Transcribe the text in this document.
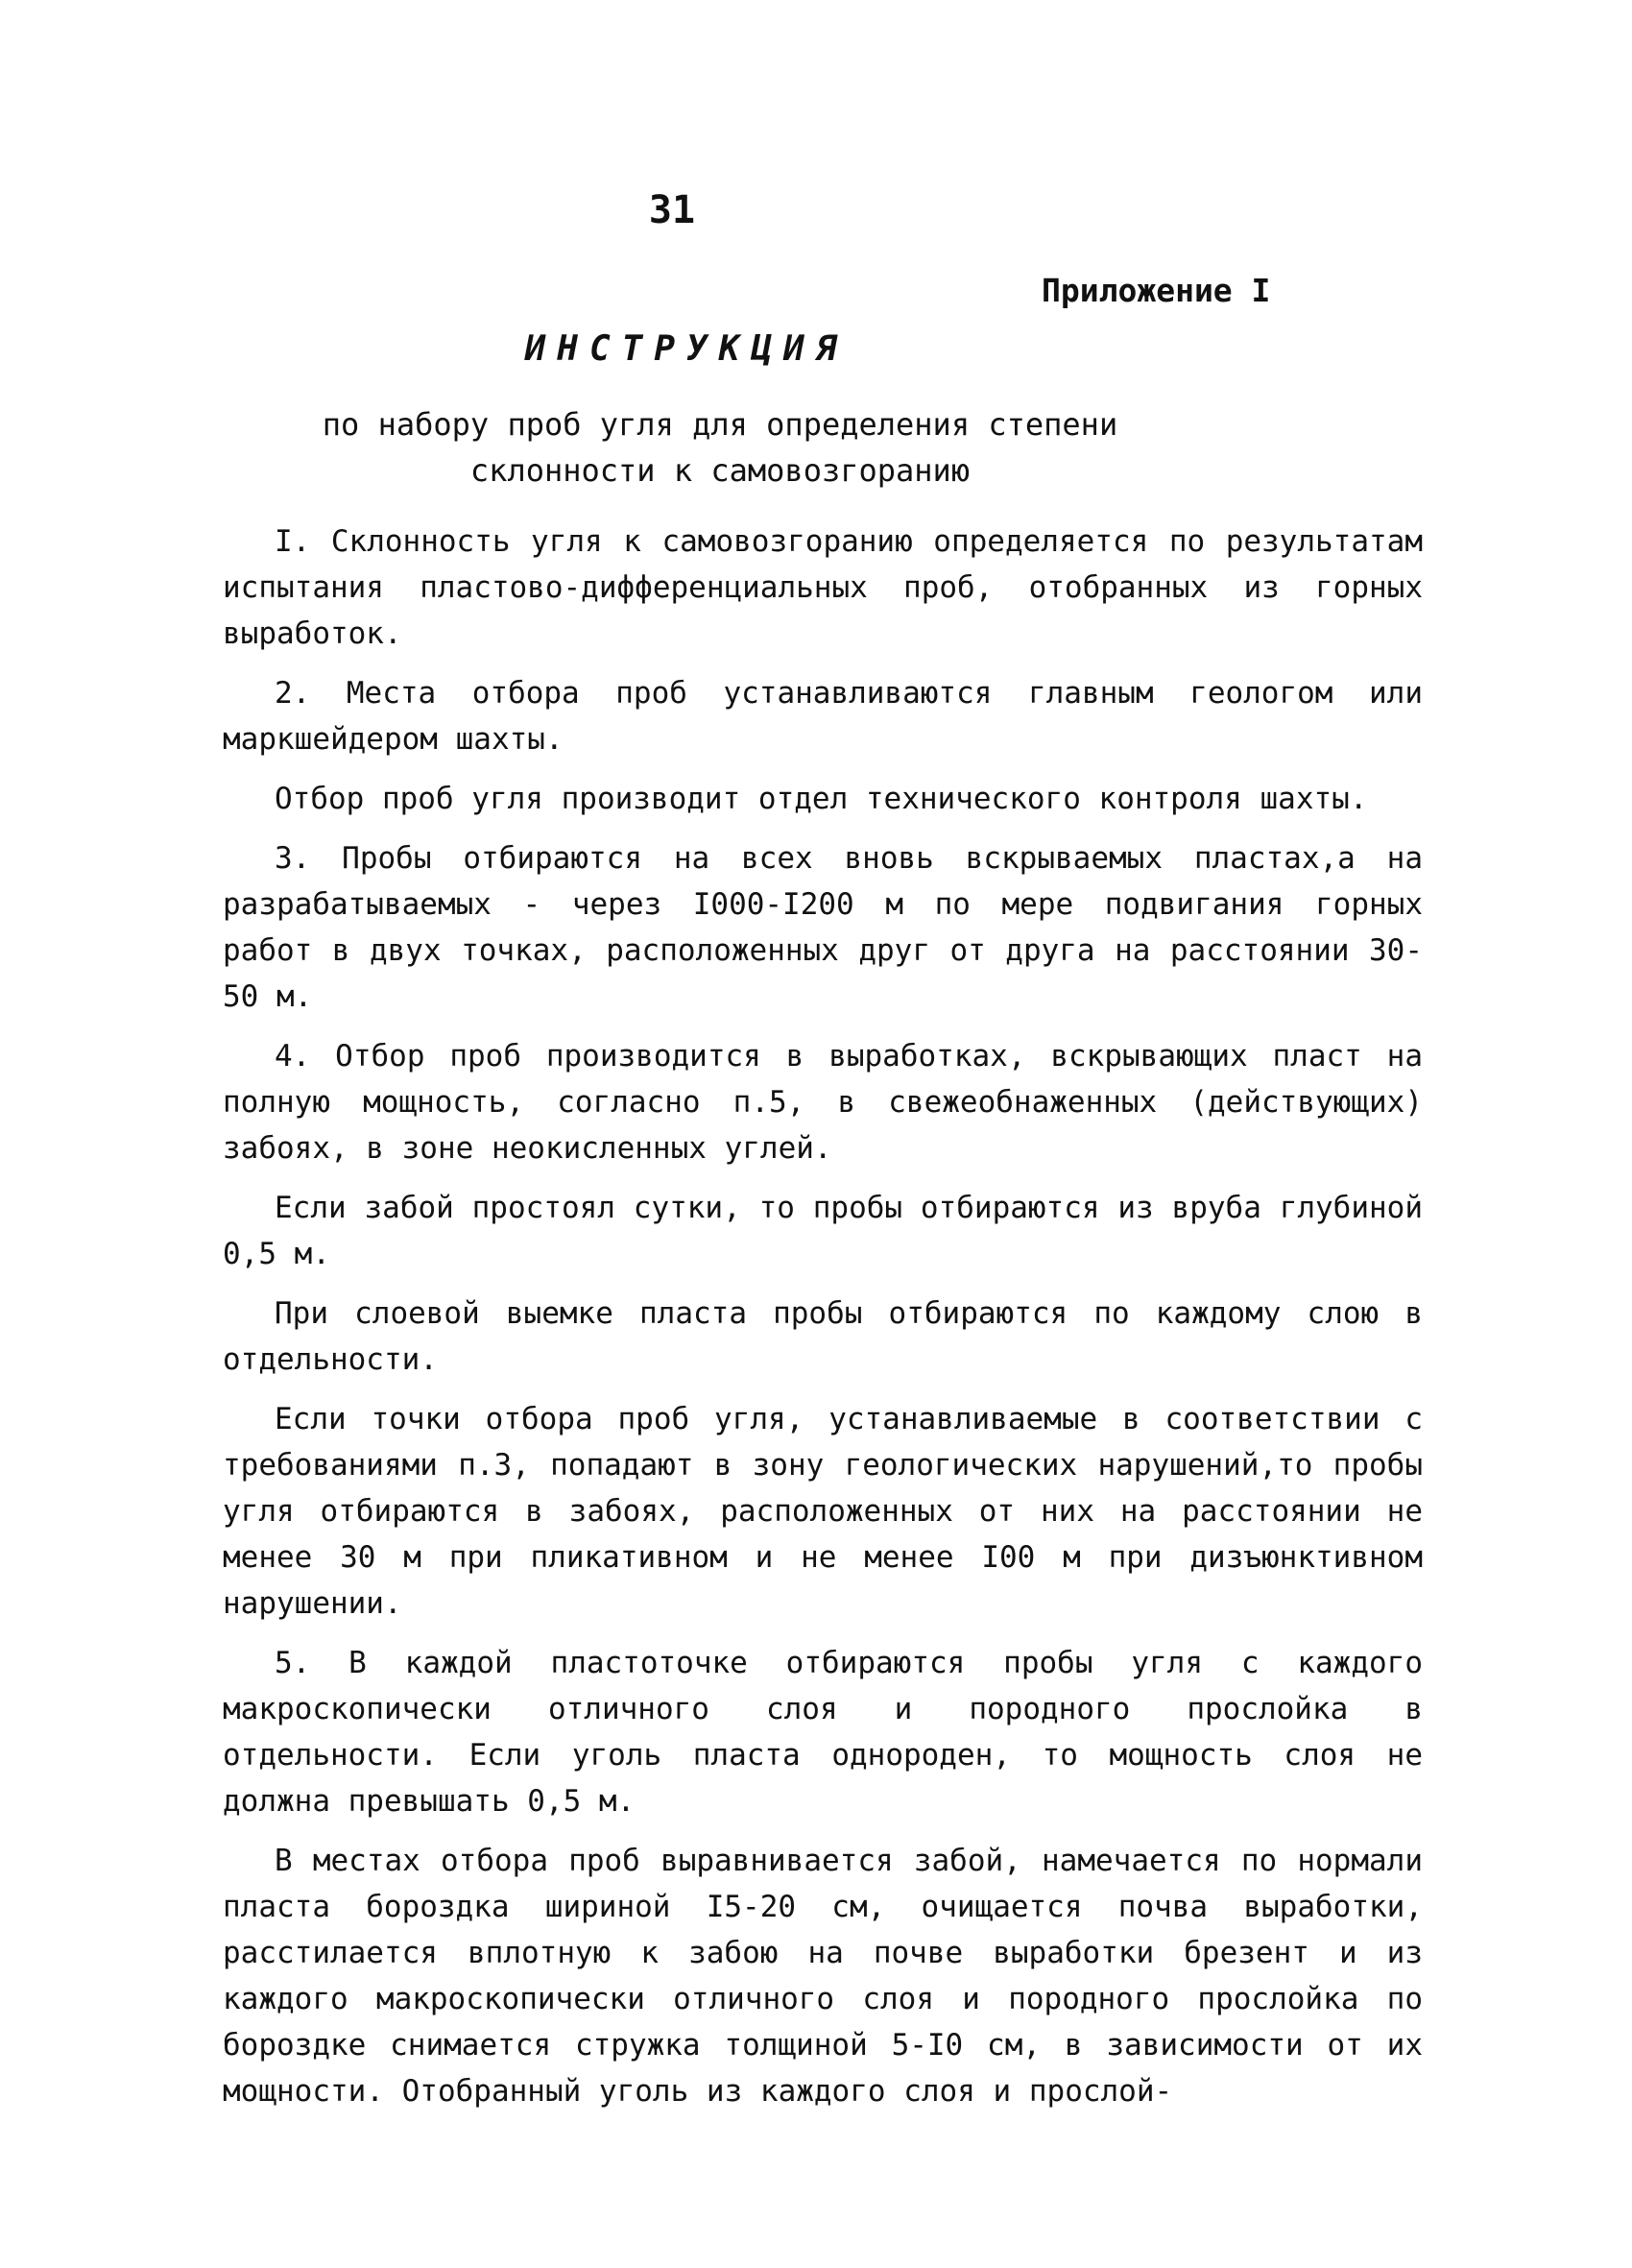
31
Приложение I
ИНСТРУКЦИЯ
по набору проб угля для определения степени
склонности к самовозгоранию

I. Склонность угля к самовозгоранию определяется по результатам испытания пластово-дифференциальных проб, отобранных из горных выработок.

2. Места отбора проб устанавливаются главным геологом или маркшейдером шахты.

Отбор проб угля производит отдел технического контроля шахты.

3. Пробы отбираются на всех вновь вскрываемых пластах,а на разрабатываемых - через I000-I200 м по мере подвигания горных работ в двух точках, расположенных друг от друга на расстоянии 30-50 м.

4. Отбор проб производится в выработках, вскрывающих пласт на полную мощность, согласно п.5, в свежеобнаженных (действующих) забоях, в зоне неокисленных углей.

Если забой простоял сутки, то пробы отбираются из вруба глубиной 0,5 м.

При слоевой выемке пласта пробы отбираются по каждому слою в отдельности.

Если точки отбора проб угля, устанавливаемые в соответствии с требованиями п.3, попадают в зону геологических нарушений,то пробы угля отбираются в забоях, расположенных от них на расстоянии не менее 30 м при пликативном и не менее I00 м при дизъюнктивном нарушении.

5. В каждой пластоточке отбираются пробы угля с каждого макроскопически отличного слоя и породного прослойка в отдельности. Если уголь пласта однороден, то мощность слоя не должна превышать 0,5 м.

В местах отбора проб выравнивается забой, намечается по нормали пласта бороздка шириной I5-20 см, очищается почва выработки, расстилается вплотную к забою на почве выработки брезент и из каждого макроскопически отличного слоя и породного прослойка по бороздке снимается стружка толщиной 5-I0 см, в зависимости от их мощности. Отобранный уголь из каждого слоя и прослой-
